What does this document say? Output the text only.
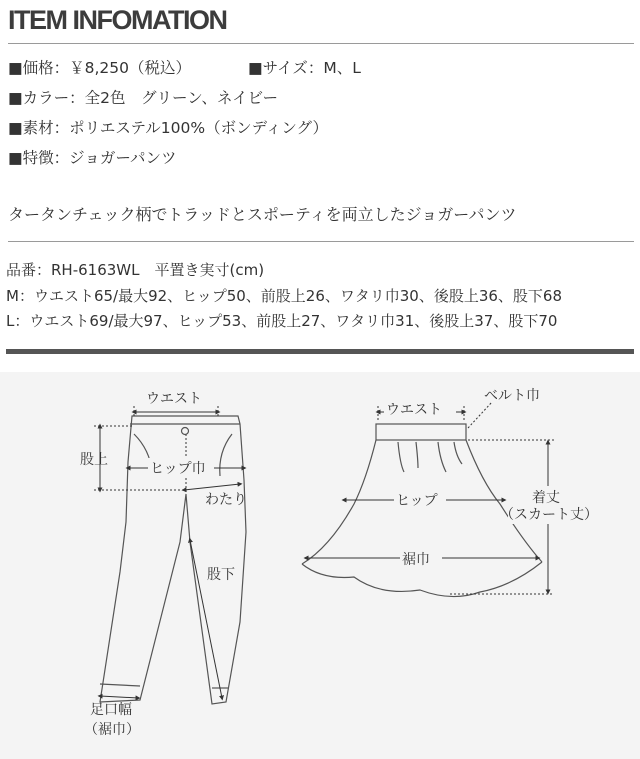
ITEM INFOMATION
■価格：￥8,250（税込）	■サイズ：M、L
■カラー：全2色　グリーン、ネイビー
■素材：ポリエステル100%（ボンディング）
■特徴：ジョガーパンツ
タータンチェック柄でトラッドとスポーティを両立したジョガーパンツ
品番：RH-6163WL　平置き実寸(cm)
M：ウエスト65/最大92、ヒップ50、前股上26、ワタリ巾30、後股上36、股下68
L：ウエスト69/最大97、ヒップ53、前股上27、ワタリ巾31、後股上37、股下70
ウエスト
股上
ヒップ巾
わたり
股下
足口幅
（裾巾）
ウエスト
ベルト巾
ヒップ
裾巾
着丈
（スカート丈）
